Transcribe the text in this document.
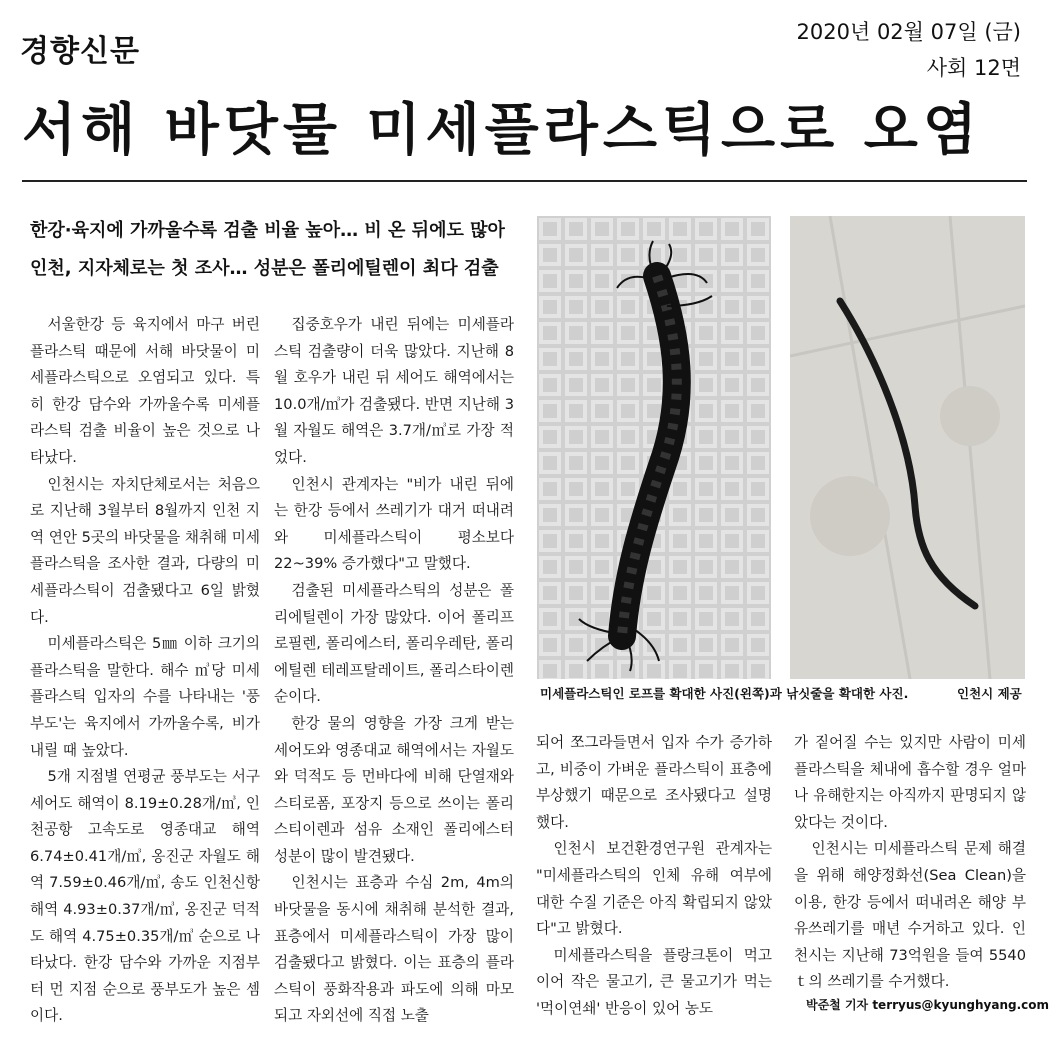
경향신문
2020년 02월 07일 (금)
사회 12면
서해 바닷물 미세플라스틱으로 오염
한강·육지에 가까울수록 검출 비율 높아… 비 온 뒤에도 많아
인천, 지자체로는 첫 조사… 성분은 폴리에틸렌이 최다 검출

서울한강 등 육지에서 마구 버린 플라스틱 때문에 서해 바닷물이 미세플라스틱으로 오염되고 있다. 특히 한강 담수와 가까울수록 미세플라스틱 검출 비율이 높은 것으로 나타났다.

인천시는 자치단체로서는 처음으로 지난해 3월부터 8월까지 인천 지역 연안 5곳의 바닷물을 채취해 미세플라스틱을 조사한 결과, 다량의 미세플라스틱이 검출됐다고 6일 밝혔다.

미세플라스틱은 5㎜ 이하 크기의 플라스틱을 말한다. 해수 ㎥당 미세플라스틱 입자의 수를 나타내는 '풍부도'는 육지에서 가까울수록, 비가 내릴 때 높았다.

5개 지점별 연평균 풍부도는 서구 세어도 해역이 8.19±0.28개/㎥, 인천공항 고속도로 영종대교 해역 6.74±0.41개/㎥, 옹진군 자월도 해역 7.59±0.46개/㎥, 송도 인천신항 해역 4.93±0.37개/㎥, 옹진군 덕적도 해역 4.75±0.35개/㎥ 순으로 나타났다. 한강 담수와 가까운 지점부터 먼 지점 순으로 풍부도가 높은 셈이다.

집중호우가 내린 뒤에는 미세플라스틱 검출량이 더욱 많았다. 지난해 8월 호우가 내린 뒤 세어도 해역에서는 10.0개/㎥가 검출됐다. 반면 지난해 3월 자월도 해역은 3.7개/㎥로 가장 적었다.

인천시 관계자는 "비가 내린 뒤에는 한강 등에서 쓰레기가 대거 떠내려와 미세플라스틱이 평소보다 22~39% 증가했다"고 말했다.

검출된 미세플라스틱의 성분은 폴리에틸렌이 가장 많았다. 이어 폴리프로필렌, 폴리에스터, 폴리우레탄, 폴리에틸렌 테레프탈레이트, 폴리스타이렌 순이다.

한강 물의 영향을 가장 크게 받는 세어도와 영종대교 해역에서는 자월도와 덕적도 등 먼바다에 비해 단열재와 스티로폼, 포장지 등으로 쓰이는 폴리스티이렌과 섬유 소재인 폴리에스터 성분이 많이 발견됐다.

인천시는 표층과 수심 2m, 4m의 바닷물을 동시에 채취해 분석한 결과, 표층에서 미세플라스틱이 가장 많이 검출됐다고 밝혔다. 이는 표층의 플라스틱이 풍화작용과 파도에 의해 마모되고 자외선에 직접 노출

미세플라스틱인 로프를 확대한 사진(왼쪽)과 낚싯줄을 확대한 사진.	인천시 제공

되어 쪼그라들면서 입자 수가 증가하고, 비중이 가벼운 플라스틱이 표층에 부상했기 때문으로 조사됐다고 설명했다.

인천시 보건환경연구원 관계자는 "미세플라스틱의 인체 유해 여부에 대한 수질 기준은 아직 확립되지 않았다"고 밝혔다.

미세플라스틱을 플랑크톤이 먹고 이어 작은 물고기, 큰 물고기가 먹는 '먹이연쇄' 반응이 있어 농도

가 짙어질 수는 있지만 사람이 미세플라스틱을 체내에 흡수할 경우 얼마나 유해한지는 아직까지 판명되지 않았다는 것이다.

인천시는 미세플라스틱 문제 해결을 위해 해양정화선(Sea Clean)을 이용, 한강 등에서 떠내려온 해양 부유쓰레기를 매년 수거하고 있다. 인천시는 지난해 73억원을 들여 5540ｔ의 쓰레기를 수거했다.

박준철 기자 terryus@kyunghyang.com
